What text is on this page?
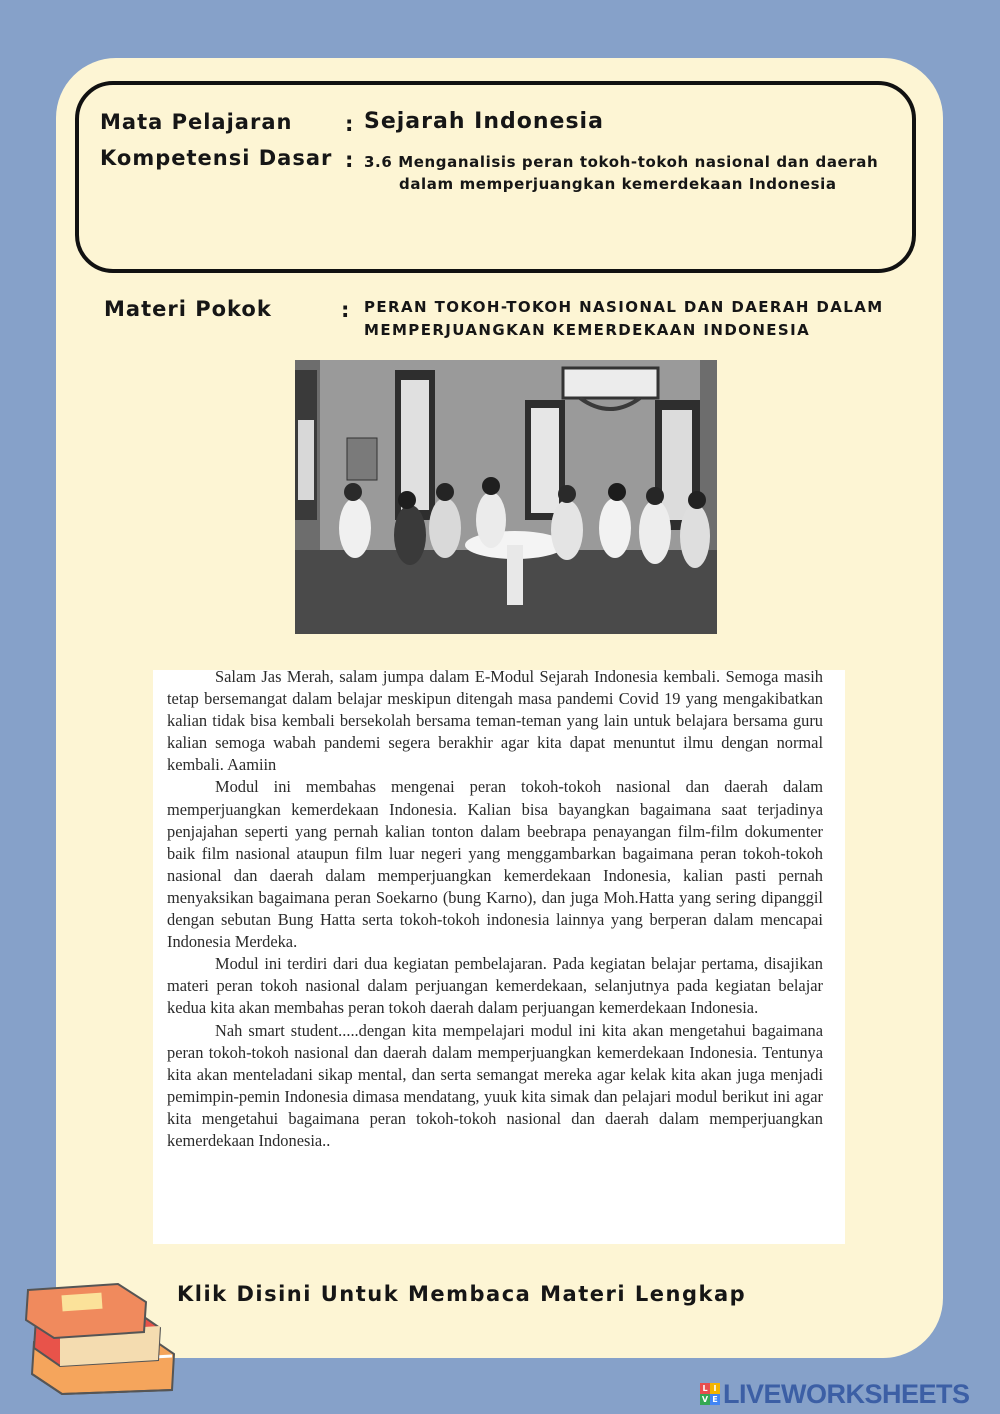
Mata Pelajaran	: Sejarah Indonesia
Kompetensi Dasar : 3.6 Menganalisis peran tokoh-tokoh nasional dan daerah
dalam memperjuangkan kemerdekaan Indonesia
Materi Pokok	: PERAN TOKOH-TOKOH NASIONAL DAN DAERAH DALAM
MEMPERJUANGKAN KEMERDEKAAN INDONESIA

Salam Jas Merah, salam jumpa dalam E-Modul Sejarah Indonesia kembali. Semoga masih tetap bersemangat dalam belajar meskipun ditengah masa pandemi Covid 19 yang mengakibatkan kalian tidak bisa kembali bersekolah bersama teman-teman yang lain untuk belajara bersama guru kalian semoga wabah pandemi segera berakhir agar kita dapat menuntut ilmu dengan normal kembali. Aamiin

Modul ini membahas mengenai peran tokoh-tokoh nasional dan daerah dalam memperjuangkan kemerdekaan Indonesia. Kalian bisa bayangkan bagaimana saat terjadinya penjajahan seperti yang pernah kalian tonton dalam beebrapa penayangan film-film dokumenter baik film nasional ataupun film luar negeri yang menggambarkan bagaimana peran tokoh-tokoh nasional dan daerah dalam memperjuangkan kemerdekaan Indonesia, kalian pasti pernah menyaksikan bagaimana peran Soekarno (bung Karno), dan juga Moh.Hatta yang sering dipanggil dengan sebutan Bung Hatta serta tokoh-tokoh indonesia lainnya yang berperan dalam mencapai Indonesia Merdeka.

Modul ini terdiri dari dua kegiatan pembelajaran. Pada kegiatan belajar pertama, disajikan materi peran tokoh nasional dalam perjuangan kemerdekaan, selanjutnya pada kegiatan belajar kedua kita akan membahas peran tokoh daerah dalam perjuangan kemerdekaan Indonesia.

Nah smart student.....dengan kita mempelajari modul ini kita akan mengetahui bagaimana peran tokoh-tokoh nasional dan daerah dalam memperjuangkan kemerdekaan Indonesia. Tentunya kita akan menteladani sikap mental, dan serta semangat mereka agar kelak kita akan juga menjadi pemimpin-pemin Indonesia dimasa mendatang, yuuk kita simak dan pelajari modul berikut ini agar kita mengetahui bagaimana peran tokoh-tokoh nasional dan daerah dalam memperjuangkan kemerdekaan Indonesia..

Klik Disini Untuk Membaca Materi Lengkap
L I
V E LIVEWORKSHEETS
